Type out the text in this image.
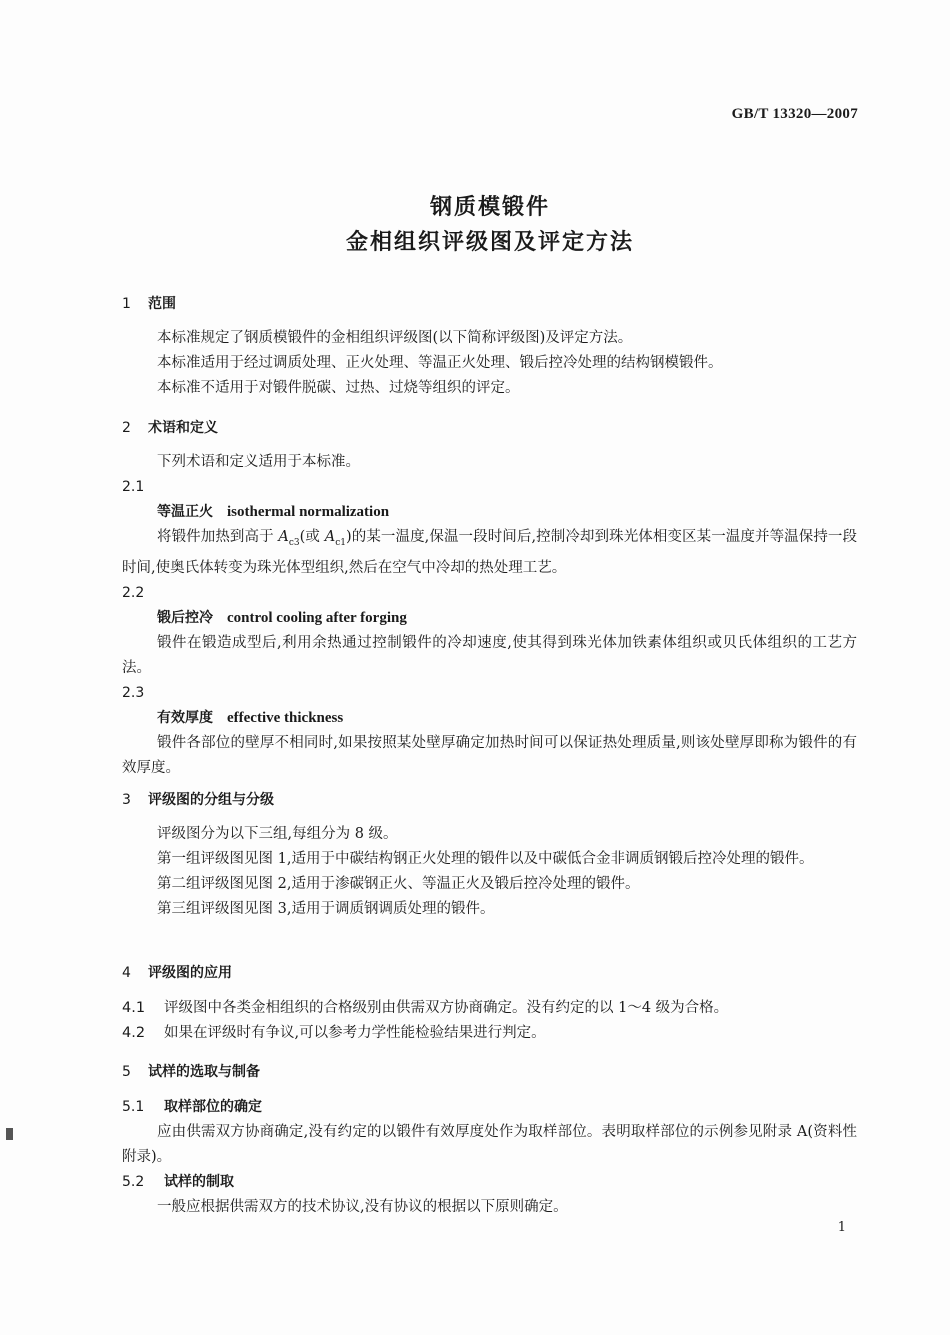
GB/T 13320—2007
钢质模锻件
金相组织评级图及评定方法
1 范围
本标准规定了钢质模锻件的金相组织评级图(以下简称评级图)及评定方法。
本标准适用于经过调质处理、正火处理、等温正火处理、锻后控冷处理的结构钢模锻件。
本标准不适用于对锻件脱碳、过热、过烧等组织的评定。
2 术语和定义
下列术语和定义适用于本标准。
2.1
等温正火 isothermal normalization
将锻件加热到高于 $A_{c3}$(或 $A_{c1}$)的某一温度,保温一段时间后,控制冷却到珠光体相变区某一温度并等温保持一段时间,使奥氏体转变为珠光体型组织,然后在空气中冷却的热处理工艺。
2.2
锻后控冷 control cooling after forging
锻件在锻造成型后,利用余热通过控制锻件的冷却速度,使其得到珠光体加铁素体组织或贝氏体组织的工艺方法。
2.3
有效厚度 effective thickness
锻件各部位的壁厚不相同时,如果按照某处壁厚确定加热时间可以保证热处理质量,则该处壁厚即称为锻件的有效厚度。
3 评级图的分组与分级
评级图分为以下三组,每组分为 8 级。
第一组评级图见图 1,适用于中碳结构钢正火处理的锻件以及中碳低合金非调质钢锻后控冷处理的锻件。
第二组评级图见图 2,适用于渗碳钢正火、等温正火及锻后控冷处理的锻件。
第三组评级图见图 3,适用于调质钢调质处理的锻件。
4 评级图的应用
4.1 评级图中各类金相组织的合格级别由供需双方协商确定。没有约定的以 1～4 级为合格。
4.2 如果在评级时有争议,可以参考力学性能检验结果进行判定。
5 试样的选取与制备
5.1 取样部位的确定
应由供需双方协商确定,没有约定的以锻件有效厚度处作为取样部位。表明取样部位的示例参见附录 A(资料性附录)。
5.2 试样的制取
一般应根据供需双方的技术协议,没有协议的根据以下原则确定。
1
